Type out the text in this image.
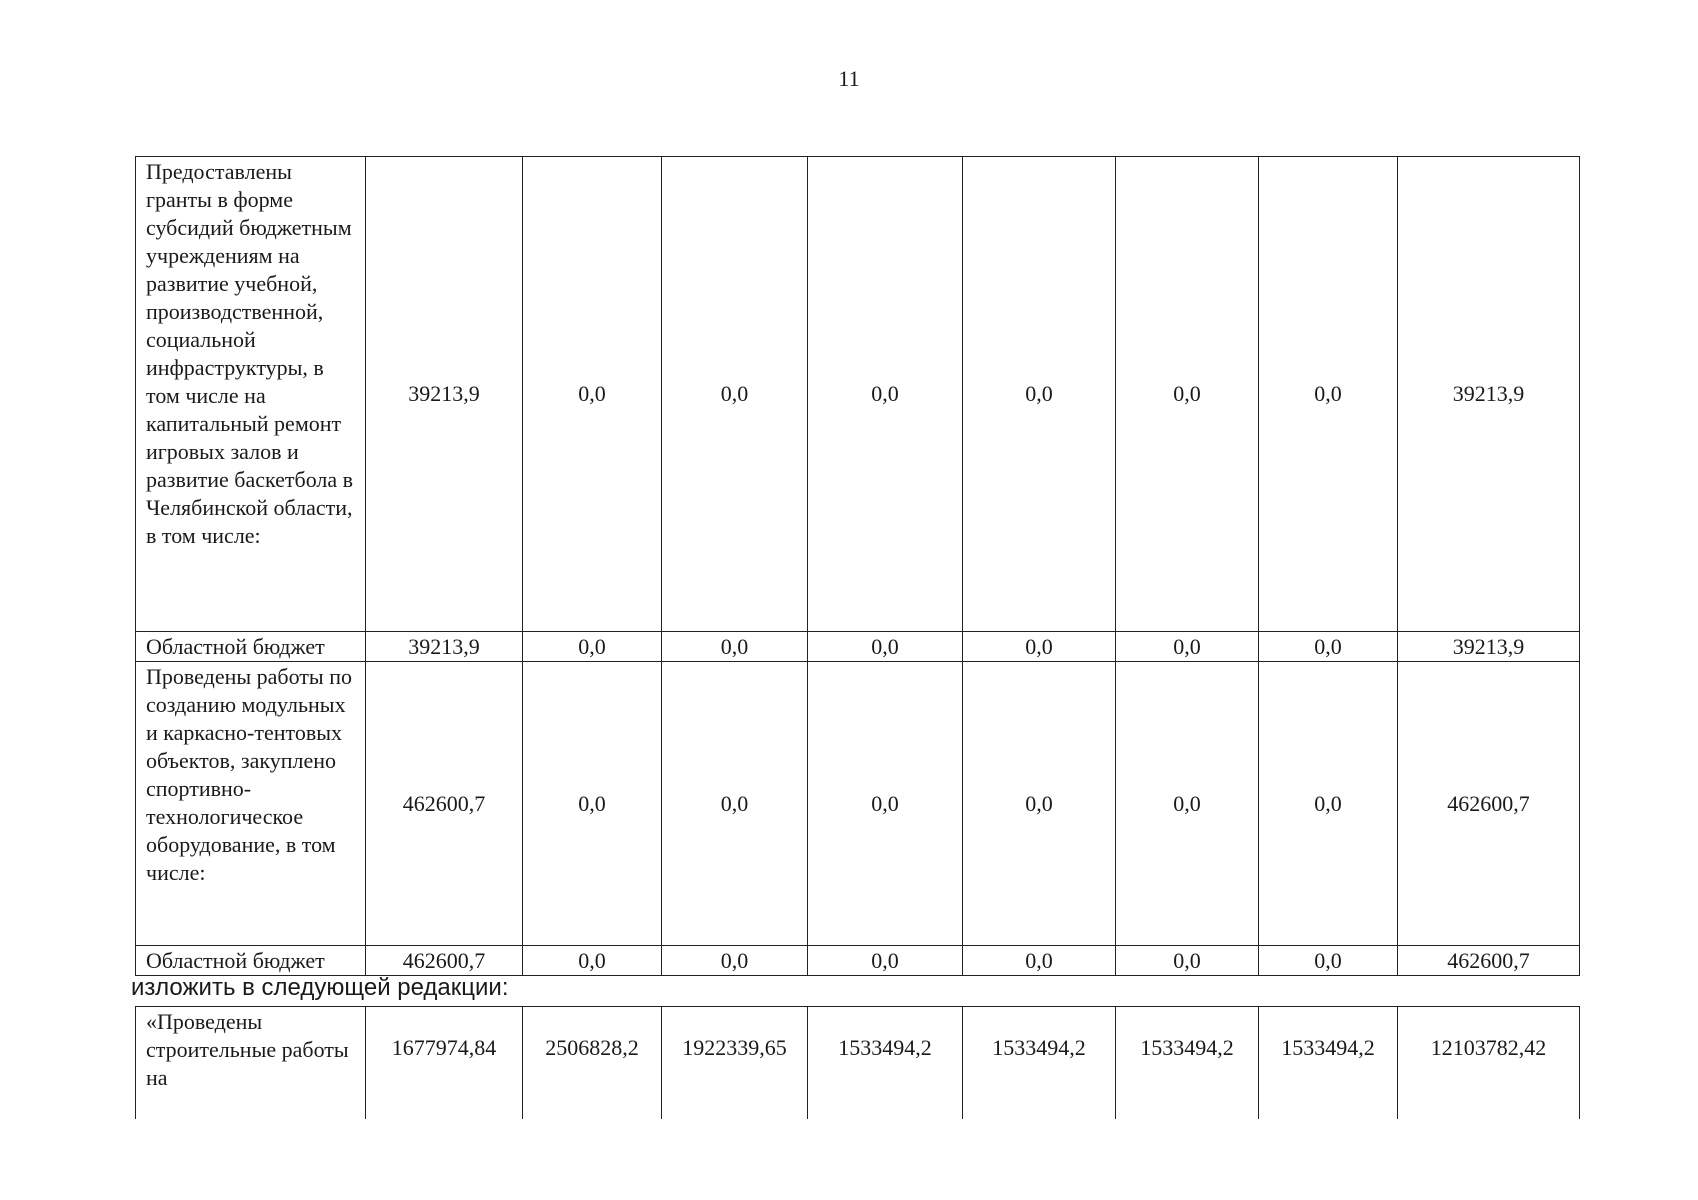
11
Предоставлены гранты в форме субсидий бюджетным учреждениям на развитие учебной, производственной, социальной инфраструктуры, в том числе на капитальный ремонт игровых залов и развитие баскетбола в Челябинской области, в том числе:	39213,9	0,0	0,0	0,0	0,0	0,0	0,0	39213,9
Областной бюджет	39213,9	0,0	0,0	0,0	0,0	0,0	0,0	39213,9
Проведены работы по созданию модульных и каркасно-тентовых объектов, закуплено спортивно-технологическое оборудование, в том числе:	462600,7	0,0	0,0	0,0	0,0	0,0	0,0	462600,7
Областной бюджет	462600,7	0,0	0,0	0,0	0,0	0,0	0,0	462600,7
изложить в следующей редакции:
«Проведены строительные работы на	1677974,84	2506828,2	1922339,65	1533494,2	1533494,2	1533494,2	1533494,2	12103782,42
